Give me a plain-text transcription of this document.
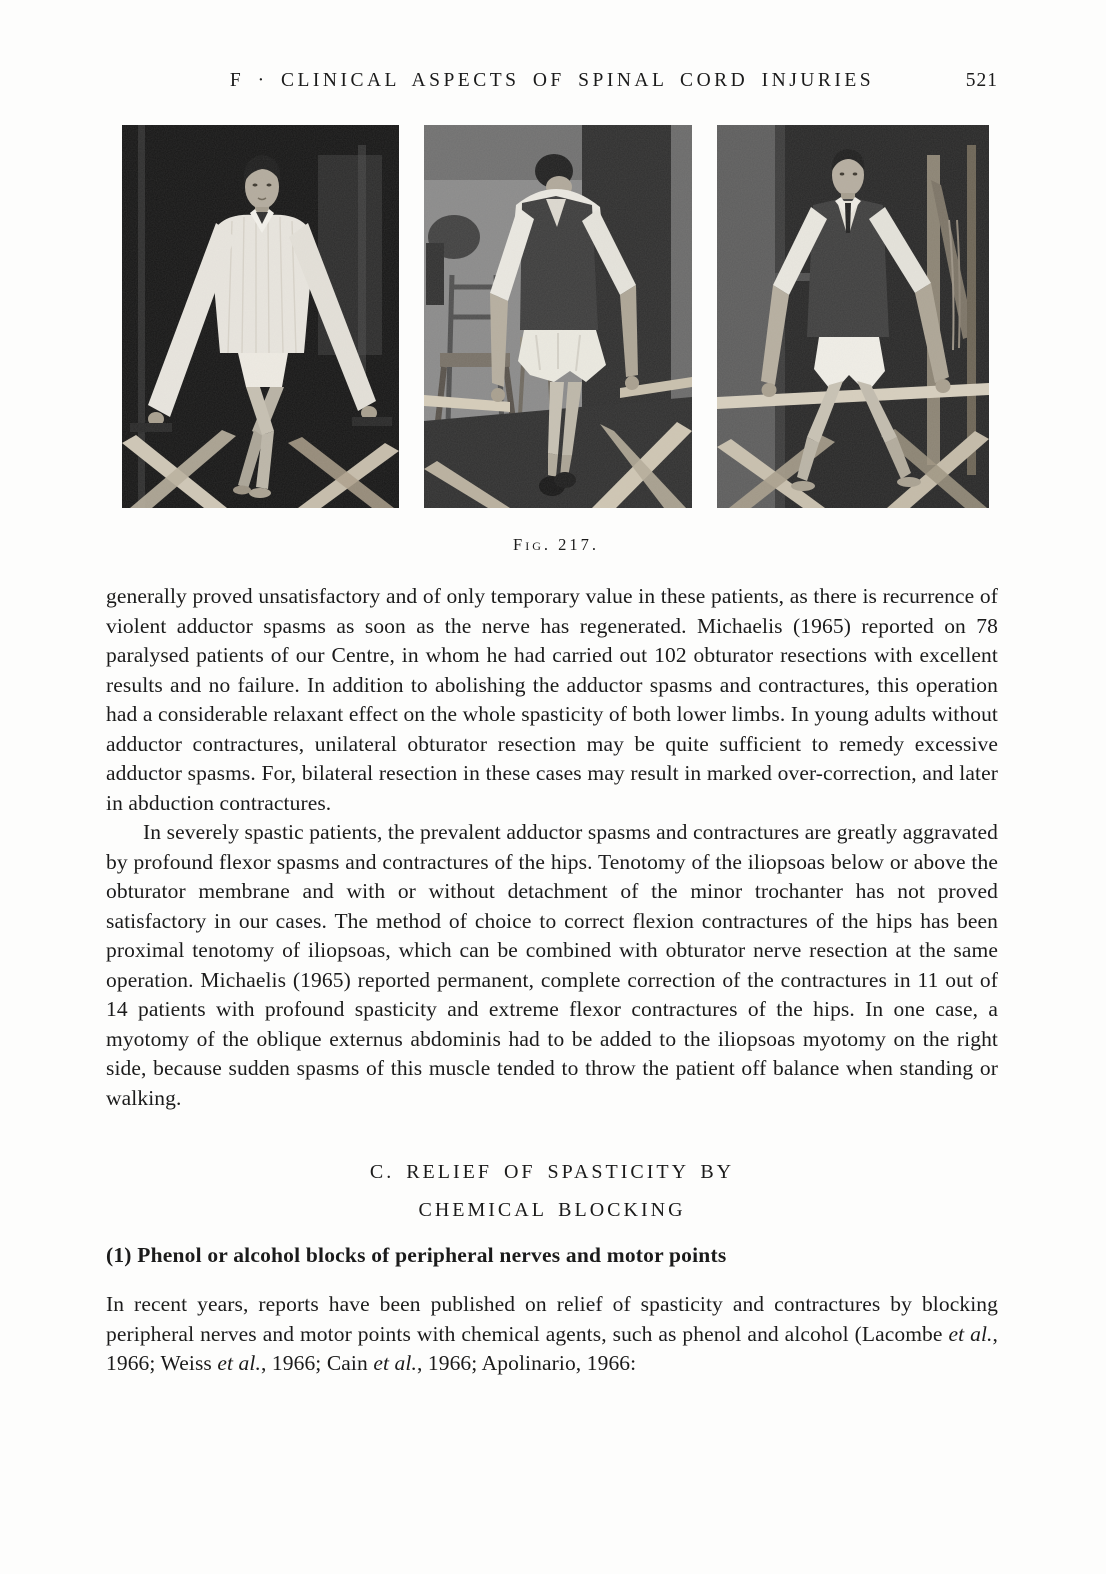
F · CLINICAL ASPECTS OF SPINAL CORD INJURIES	521
Fig. 217.

generally proved unsatisfactory and of only temporary value in these patients, as there is recurrence of violent adductor spasms as soon as the nerve has regenerated. Michaelis (1965) reported on 78 paralysed patients of our Centre, in whom he had carried out 102 obturator resections with excellent results and no failure. In addition to abolishing the adductor spasms and contractures, this operation had a considerable relaxant effect on the whole spasticity of both lower limbs. In young adults without adductor contractures, unilateral obturator resection may be quite sufficient to remedy excessive adductor spasms. For, bilateral resection in these cases may result in marked over-correction, and later in abduction contractures.

In severely spastic patients, the prevalent adductor spasms and contractures are greatly aggravated by profound flexor spasms and contractures of the hips. Tenotomy of the iliopsoas below or above the obturator membrane and with or without detachment of the minor trochanter has not proved satisfactory in our cases. The method of choice to correct flexion contractures of the hips has been proximal tenotomy of iliopsoas, which can be combined with obturator nerve resection at the same operation. Michaelis (1965) reported permanent, complete correction of the contractures in 11 out of 14 patients with profound spasticity and extreme flexor contractures of the hips. In one case, a myotomy of the oblique externus abdominis had to be added to the iliopsoas myotomy on the right side, because sudden spasms of this muscle tended to throw the patient off balance when standing or walking.

C. RELIEF OF SPASTICITY BY
CHEMICAL BLOCKING
(1) Phenol or alcohol blocks of peripheral nerves and motor points

In recent years, reports have been published on relief of spasticity and contractures by blocking peripheral nerves and motor points with chemical agents, such as phenol and alcohol (Lacombe et al., 1966; Weiss et al., 1966; Cain et al., 1966; Apolinario, 1966:
